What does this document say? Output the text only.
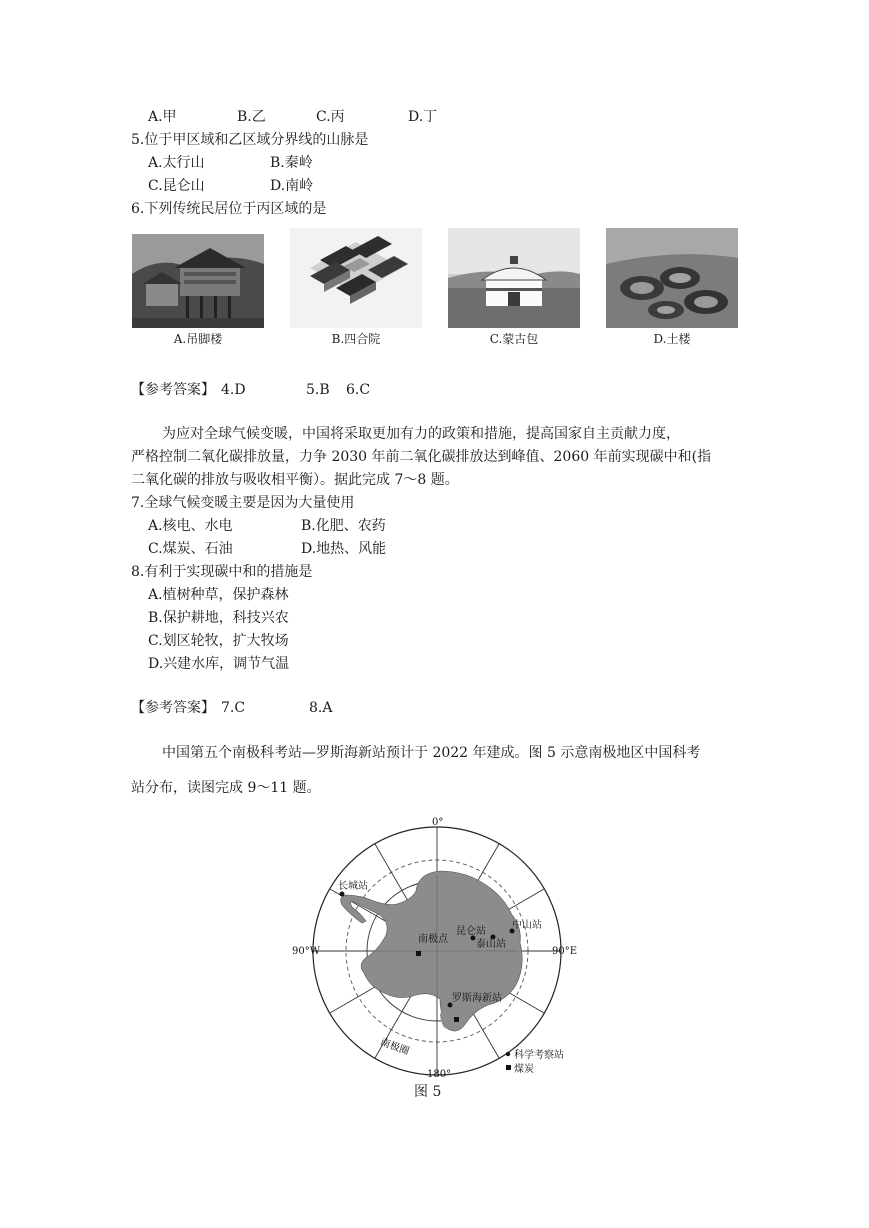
A.甲	B.乙	C.丙	D.丁
5.位于甲区域和乙区域分界线的山脉是
A.太行山	B.秦岭
C.昆仑山	D.南岭
6.下列传统民居位于丙区域的是
A.吊脚楼	B.四合院	C.蒙古包	D.土楼
【参考答案】 4.D	5.B 6.C
为应对全球气候变暖，中国将采取更加有力的政策和措施，提高国家自主贡献力度，
严格控制二氧化碳排放量，力争 2030 年前二氧化碳排放达到峰值、2060 年前实现碳中和(指
二氧化碳的排放与吸收相平衡）。据此完成 7～8 题。
7.全球气候变暖主要是因为大量使用
A.核电、水电	B.化肥、农药
C.煤炭、石油	D.地热、风能
8.有利于实现碳中和的措施是
A.植树种草，保护森林
B.保护耕地，科技兴农
C.划区轮牧，扩大牧场
D.兴建水库，调节气温
【参考答案】 7.C	8.A
中国第五个南极科考站—罗斯海新站预计于 2022 年建成。图 5 示意南极地区中国科考
站分布，读图完成 9～11 题。
0°
90°E
90°W
180°
长城站
中山站
昆仑站
泰山站
南极点
罗斯海新站
南极圈	科学考察站
煤炭
图 5
